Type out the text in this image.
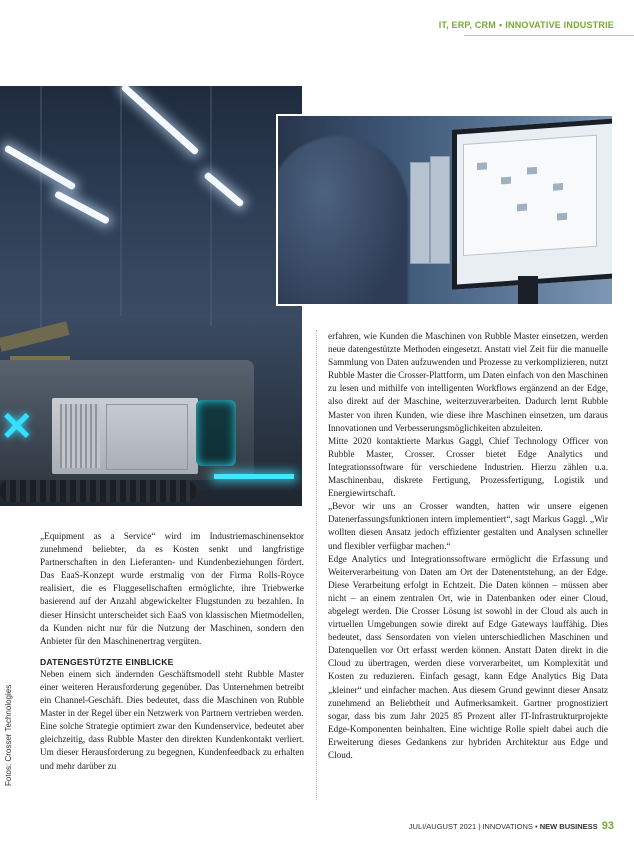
IT, ERP, CRM • INNOVATIVE INDUSTRIE
✕
Fotos: Crosser Technologies

„Equipment as a Service“ wird im Industriemaschinensektor zunehmend beliebter, da es Kosten senkt und langfristige Partnerschaften in den Lieferanten- und Kundenbeziehungen fördert. Das EaaS-Konzept wurde erstmalig von der Firma Rolls-Royce realisiert, die es Fluggesellschaften ermöglichte, ihre Triebwerke basierend auf der Anzahl abgewickelter Flugstunden zu bezahlen. In dieser Hinsicht unterscheidet sich EaaS von klassischen Mietmodellen, da Kunden nicht nur für die Nutzung der Maschinen, sondern den Anbieter für den Maschinenertrag vergüten.

DATENGESTÜTZTE EINBLICKE

Neben einem sich ändernden Geschäftsmodell steht Rubble Master einer weiteren Herausforderung gegenüber. Das Unternehmen betreibt ein Channel-Geschäft. Dies bedeutet, dass die Maschinen von Rubble Master in der Regel über ein Netzwerk von Partnern vertrieben werden.

Eine solche Strategie optimiert zwar den Kundenservice, bedeutet aber gleichzeitig, dass Rubble Master den direkten Kundenkontakt verliert. Um dieser Herausforderung zu begegnen, Kundenfeedback zu erhalten und mehr darüber zu

erfahren, wie Kunden die Maschinen von Rubble Master einsetzen, werden neue datengestützte Methoden eingesetzt. Anstatt viel Zeit für die manuelle Sammlung von Daten aufzuwenden und Prozesse zu verkomplizieren, nutzt Rubble Master die Crosser-Plattform, um Daten einfach von den Maschinen zu lesen und mithilfe von intelligenten Workflows ergänzend an der Edge, also direkt auf der Maschine, weiterzuverarbeiten. Dadurch lernt Rubble Master von ihren Kunden, wie diese ihre Maschinen einsetzen, um daraus Innovationen und Verbesserungsmöglichkeiten abzuleiten.

Mitte 2020 kontaktierte Markus Gaggl, Chief Technology Officer von Rubble Master, Crosser. Crosser bietet Edge Analytics und Integrationssoftware für verschiedene Industrien. Hierzu zählen u.a. Maschinenbau, diskrete Fertigung, Prozessfertigung, Logistik und Energiewirtschaft.

„Bevor wir uns an Crosser wandten, hatten wir unsere eigenen Datenerfassungsfunktionen intern implementiert“, sagt Markus Gaggl. „Wir wollten diesen Ansatz jedoch effizienter gestalten und Analysen schneller und flexibler verfügbar machen.“

Edge Analytics und Integrationssoftware ermöglicht die Erfassung und Weiterverarbeitung von Daten am Ort der Datenentstehung, an der Edge. Diese Verarbeitung erfolgt in Echtzeit. Die Daten können – müssen aber nicht – an einem zentralen Ort, wie in Datenbanken oder einer Cloud, abgelegt werden. Die Crosser Lösung ist sowohl in der Cloud als auch in virtuellen Umgebungen sowie direkt auf Edge Gateways lauffähig. Dies bedeutet, dass Sensordaten von vielen unterschiedlichen Maschinen und Datenquellen vor Ort erfasst werden können. Anstatt Daten direkt in die Cloud zu übertragen, werden diese vorverarbeitet, um Komplexität und Kosten zu reduzieren. Einfach gesagt, kann Edge Analytics Big Data „kleiner“ und einfacher machen. Aus diesem Grund gewinnt dieser Ansatz zunehmend an Beliebtheit und Aufmerksamkeit. Gartner prognostiziert sogar, dass bis zum Jahr 2025 85 Prozent aller IT-Infrastrukturprojekte Edge-Komponenten beinhalten. Eine wichtige Rolle spielt dabei auch die Erweiterung dieses Gedankens zur hybriden Architektur aus Edge und Cloud.

JULI/AUGUST 2021 | INNOVATIONS • NEW BUSINESS 93
